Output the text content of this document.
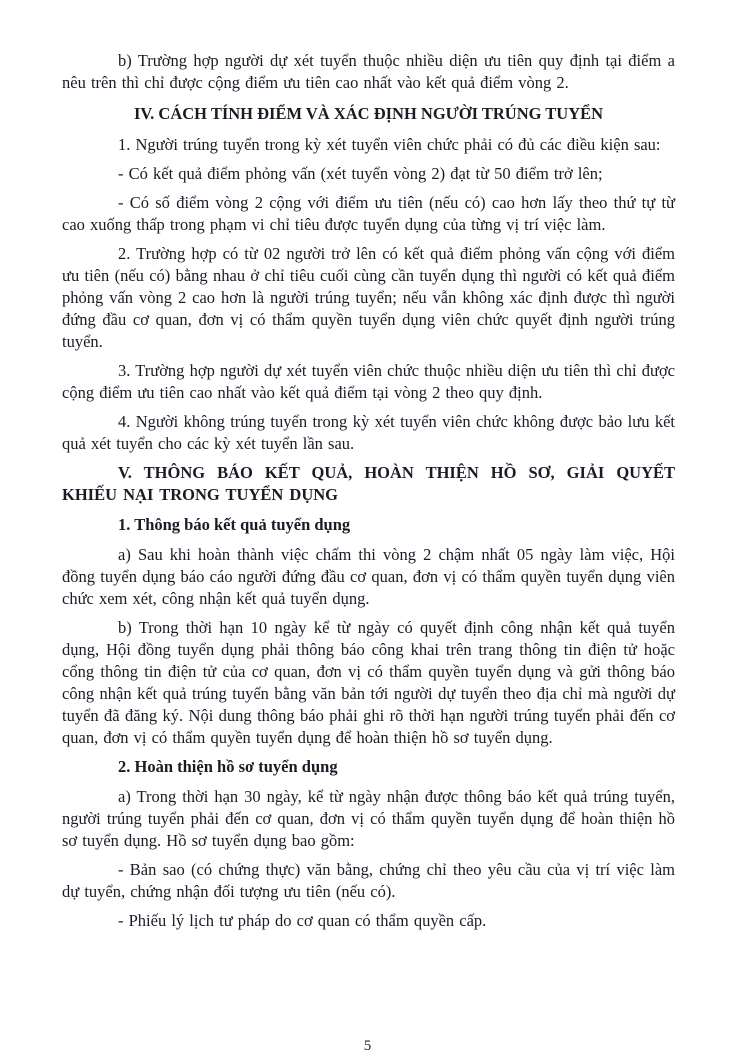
b) Trường hợp người dự xét tuyển thuộc nhiều diện ưu tiên quy định tại điểm a nêu trên thì chỉ được cộng điểm ưu tiên cao nhất vào kết quả điểm vòng 2.

IV. CÁCH TÍNH ĐIỂM VÀ XÁC ĐỊNH NGƯỜI TRÚNG TUYỂN

1. Người trúng tuyển trong kỳ xét tuyển viên chức phải có đủ các điều kiện sau:

- Có kết quả điểm phỏng vấn (xét tuyển vòng 2) đạt từ 50 điểm trở lên;

- Có số điểm vòng 2 cộng với điểm ưu tiên (nếu có) cao hơn lấy theo thứ tự từ cao xuống thấp trong phạm vi chỉ tiêu được tuyển dụng của từng vị trí việc làm.

2. Trường hợp có từ 02 người trở lên có kết quả điểm phỏng vấn cộng với điểm ưu tiên (nếu có) bằng nhau ở chỉ tiêu cuối cùng cần tuyển dụng thì người có kết quả điểm phỏng vấn vòng 2 cao hơn là người trúng tuyển; nếu vẫn không xác định được thì người đứng đầu cơ quan, đơn vị có thẩm quyền tuyển dụng viên chức quyết định người trúng tuyển.

3. Trường hợp người dự xét tuyển viên chức thuộc nhiều diện ưu tiên thì chỉ được cộng điểm ưu tiên cao nhất vào kết quả điểm tại vòng 2 theo quy định.

4. Người không trúng tuyển trong kỳ xét tuyển viên chức không được bảo lưu kết quả xét tuyển cho các kỳ xét tuyển lần sau.

V. THÔNG BÁO KẾT QUẢ, HOÀN THIỆN HỒ SƠ, GIẢI QUYẾT KHIẾU NẠI TRONG TUYỂN DỤNG

1. Thông báo kết quả tuyển dụng

a) Sau khi hoàn thành việc chấm thi vòng 2 chậm nhất 05 ngày làm việc, Hội đồng tuyển dụng báo cáo người đứng đầu cơ quan, đơn vị có thẩm quyền tuyển dụng viên chức xem xét, công nhận kết quả tuyển dụng.

b) Trong thời hạn 10 ngày kể từ ngày có quyết định công nhận kết quả tuyển dụng, Hội đồng tuyển dụng phải thông báo công khai trên trang thông tin điện tử hoặc cổng thông tin điện tử của cơ quan, đơn vị có thẩm quyền tuyển dụng và gửi thông báo công nhận kết quả trúng tuyển bằng văn bản tới người dự tuyển theo địa chỉ mà người dự tuyển đã đăng ký. Nội dung thông báo phải ghi rõ thời hạn người trúng tuyển phải đến cơ quan, đơn vị có thẩm quyền tuyển dụng để hoàn thiện hồ sơ tuyển dụng.

2. Hoàn thiện hồ sơ tuyển dụng

a) Trong thời hạn 30 ngày, kể từ ngày nhận được thông báo kết quả trúng tuyển, người trúng tuyển phải đến cơ quan, đơn vị có thẩm quyền tuyển dụng để hoàn thiện hồ sơ tuyển dụng. Hồ sơ tuyển dụng bao gồm:

- Bản sao (có chứng thực) văn bằng, chứng chỉ theo yêu cầu của vị trí việc làm dự tuyển, chứng nhận đối tượng ưu tiên (nếu có).

- Phiếu lý lịch tư pháp do cơ quan có thẩm quyền cấp.

5
